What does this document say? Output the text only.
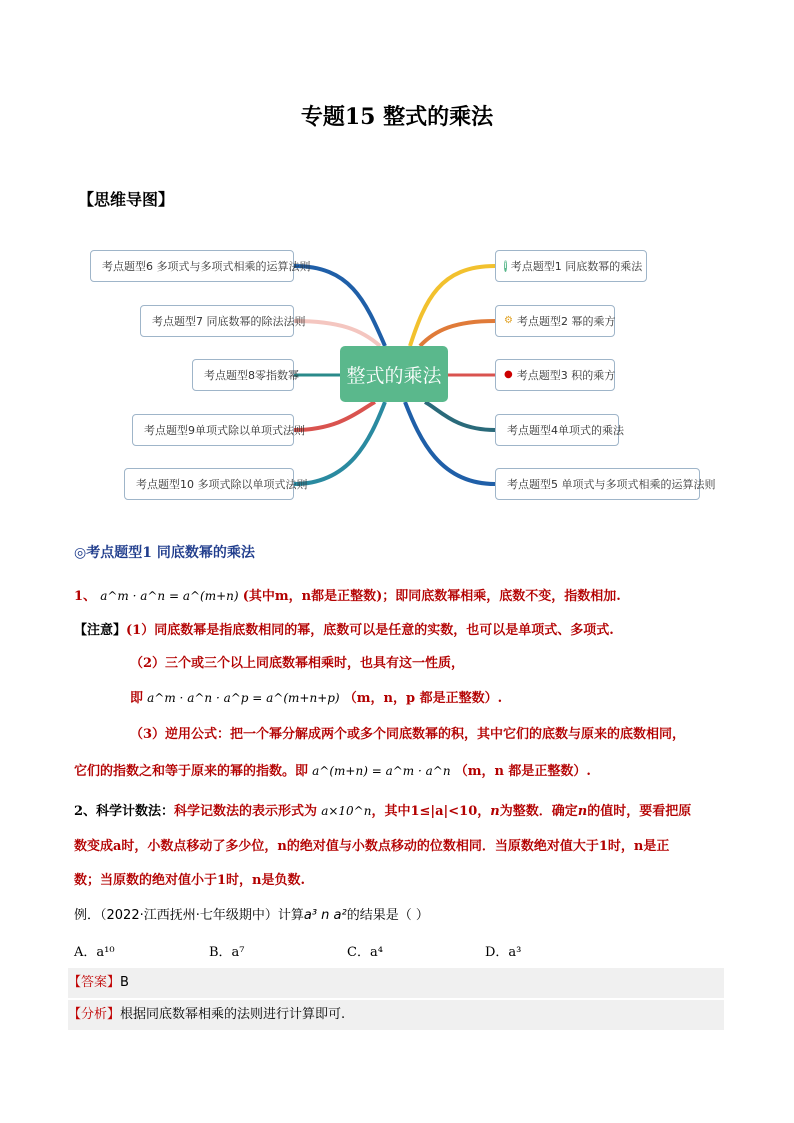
专题15 整式的乘法
【思维导图】
整式的乘法
考点题型6 多项式与多项式相乘的运算法则
考点题型7 同底数幂的除法法则
考点题型8零指数幂
考点题型9单项式除以单项式法则
考点题型10 多项式除以单项式法则
i 考点题型1 同底数幂的乘法
⚙ 考点题型2 幂的乘方
● 考点题型3 积的乘方
考点题型4单项式的乘法
考点题型5 单项式与多项式相乘的运算法则
◎考点题型1 同底数幂的乘法
1、 a^m · a^n = a^(m+n) (其中m，n都是正整数)；即同底数幂相乘，底数不变，指数相加.
【注意】(1）同底数幂是指底数相同的幂，底数可以是任意的实数，也可以是单项式、多项式.
（2）三个或三个以上同底数幂相乘时，也具有这一性质，
即 a^m · a^n · a^p = a^(m+n+p) （m，n，p 都是正整数）.
（3）逆用公式：把一个幂分解成两个或多个同底数幂的积，其中它们的底数与原来的底数相同，
它们的指数之和等于原来的幂的指数。即 a^(m+n) = a^m · a^n （m，n 都是正整数）.
2、科学计数法：科学记数法的表示形式为 a×10^n，其中1≤|a|<10，n为整数．确定n的值时，要看把原
数变成a时，小数点移动了多少位，n的绝对值与小数点移动的位数相同．当原数绝对值大于1时，n是正
数；当原数的绝对值小于1时，n是负数.
例．（2022·江西抚州·七年级期中）计算a³ n a²的结果是（ ）
A．a¹⁰	B．a⁷	C．a⁴	D．a³
【答案】B
【分析】根据同底数幂相乘的法则进行计算即可.
